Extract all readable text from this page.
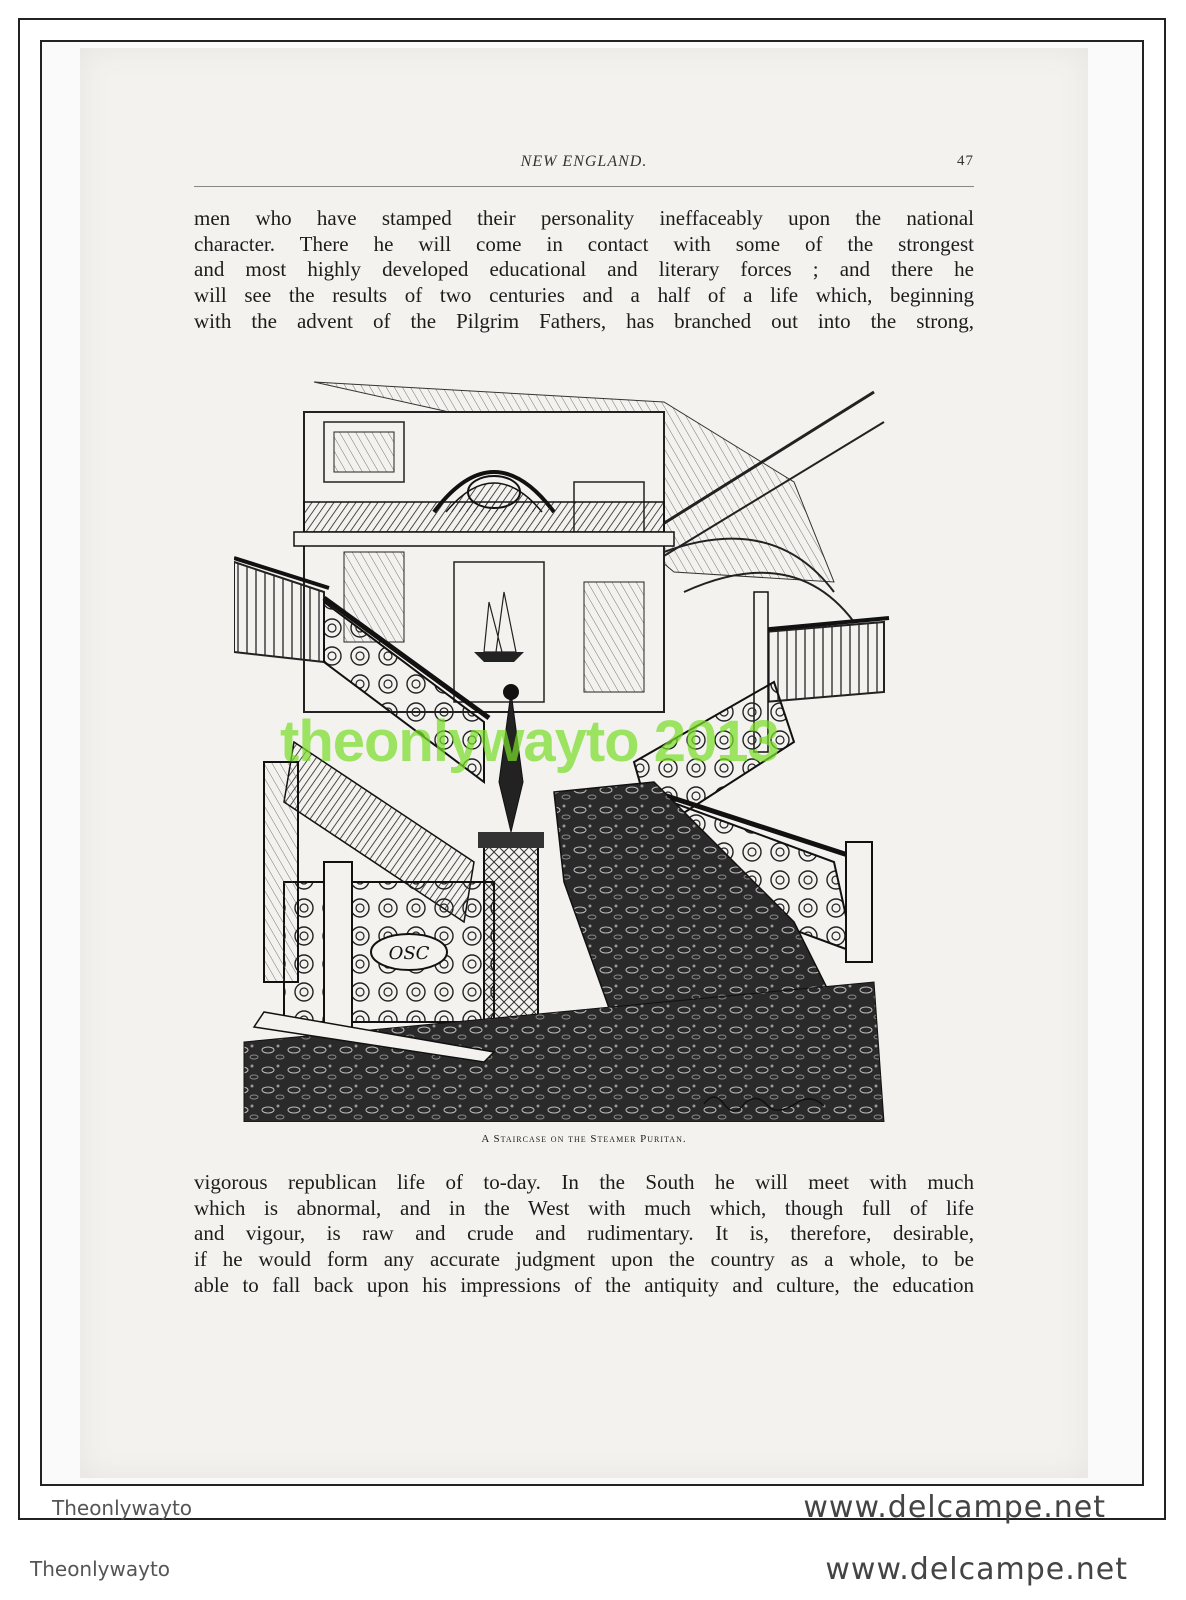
NEW ENGLAND.	47
men who have stamped their personality ineffaceably upon the national
character. There he will come in contact with some of the strongest
and most highly developed educational and literary forces ; and there he
will see the results of two centuries and a half of a life which, beginning
with the advent of the Pilgrim Fathers, has branched out into the strong,
OSC
theonlywayto 2013
A Staircase on the Steamer Puritan.
vigorous republican life of to-day. In the South he will meet with much
which is abnormal, and in the West with much which, though full of life
and vigour, is raw and crude and rudimentary. It is, therefore, desirable,
if he would form any accurate judgment upon the country as a whole, to be
able to fall back upon his impressions of the antiquity and culture, the education
Theonlywayto	www.delcampe.net
Theonlywayto	www.delcampe.net
